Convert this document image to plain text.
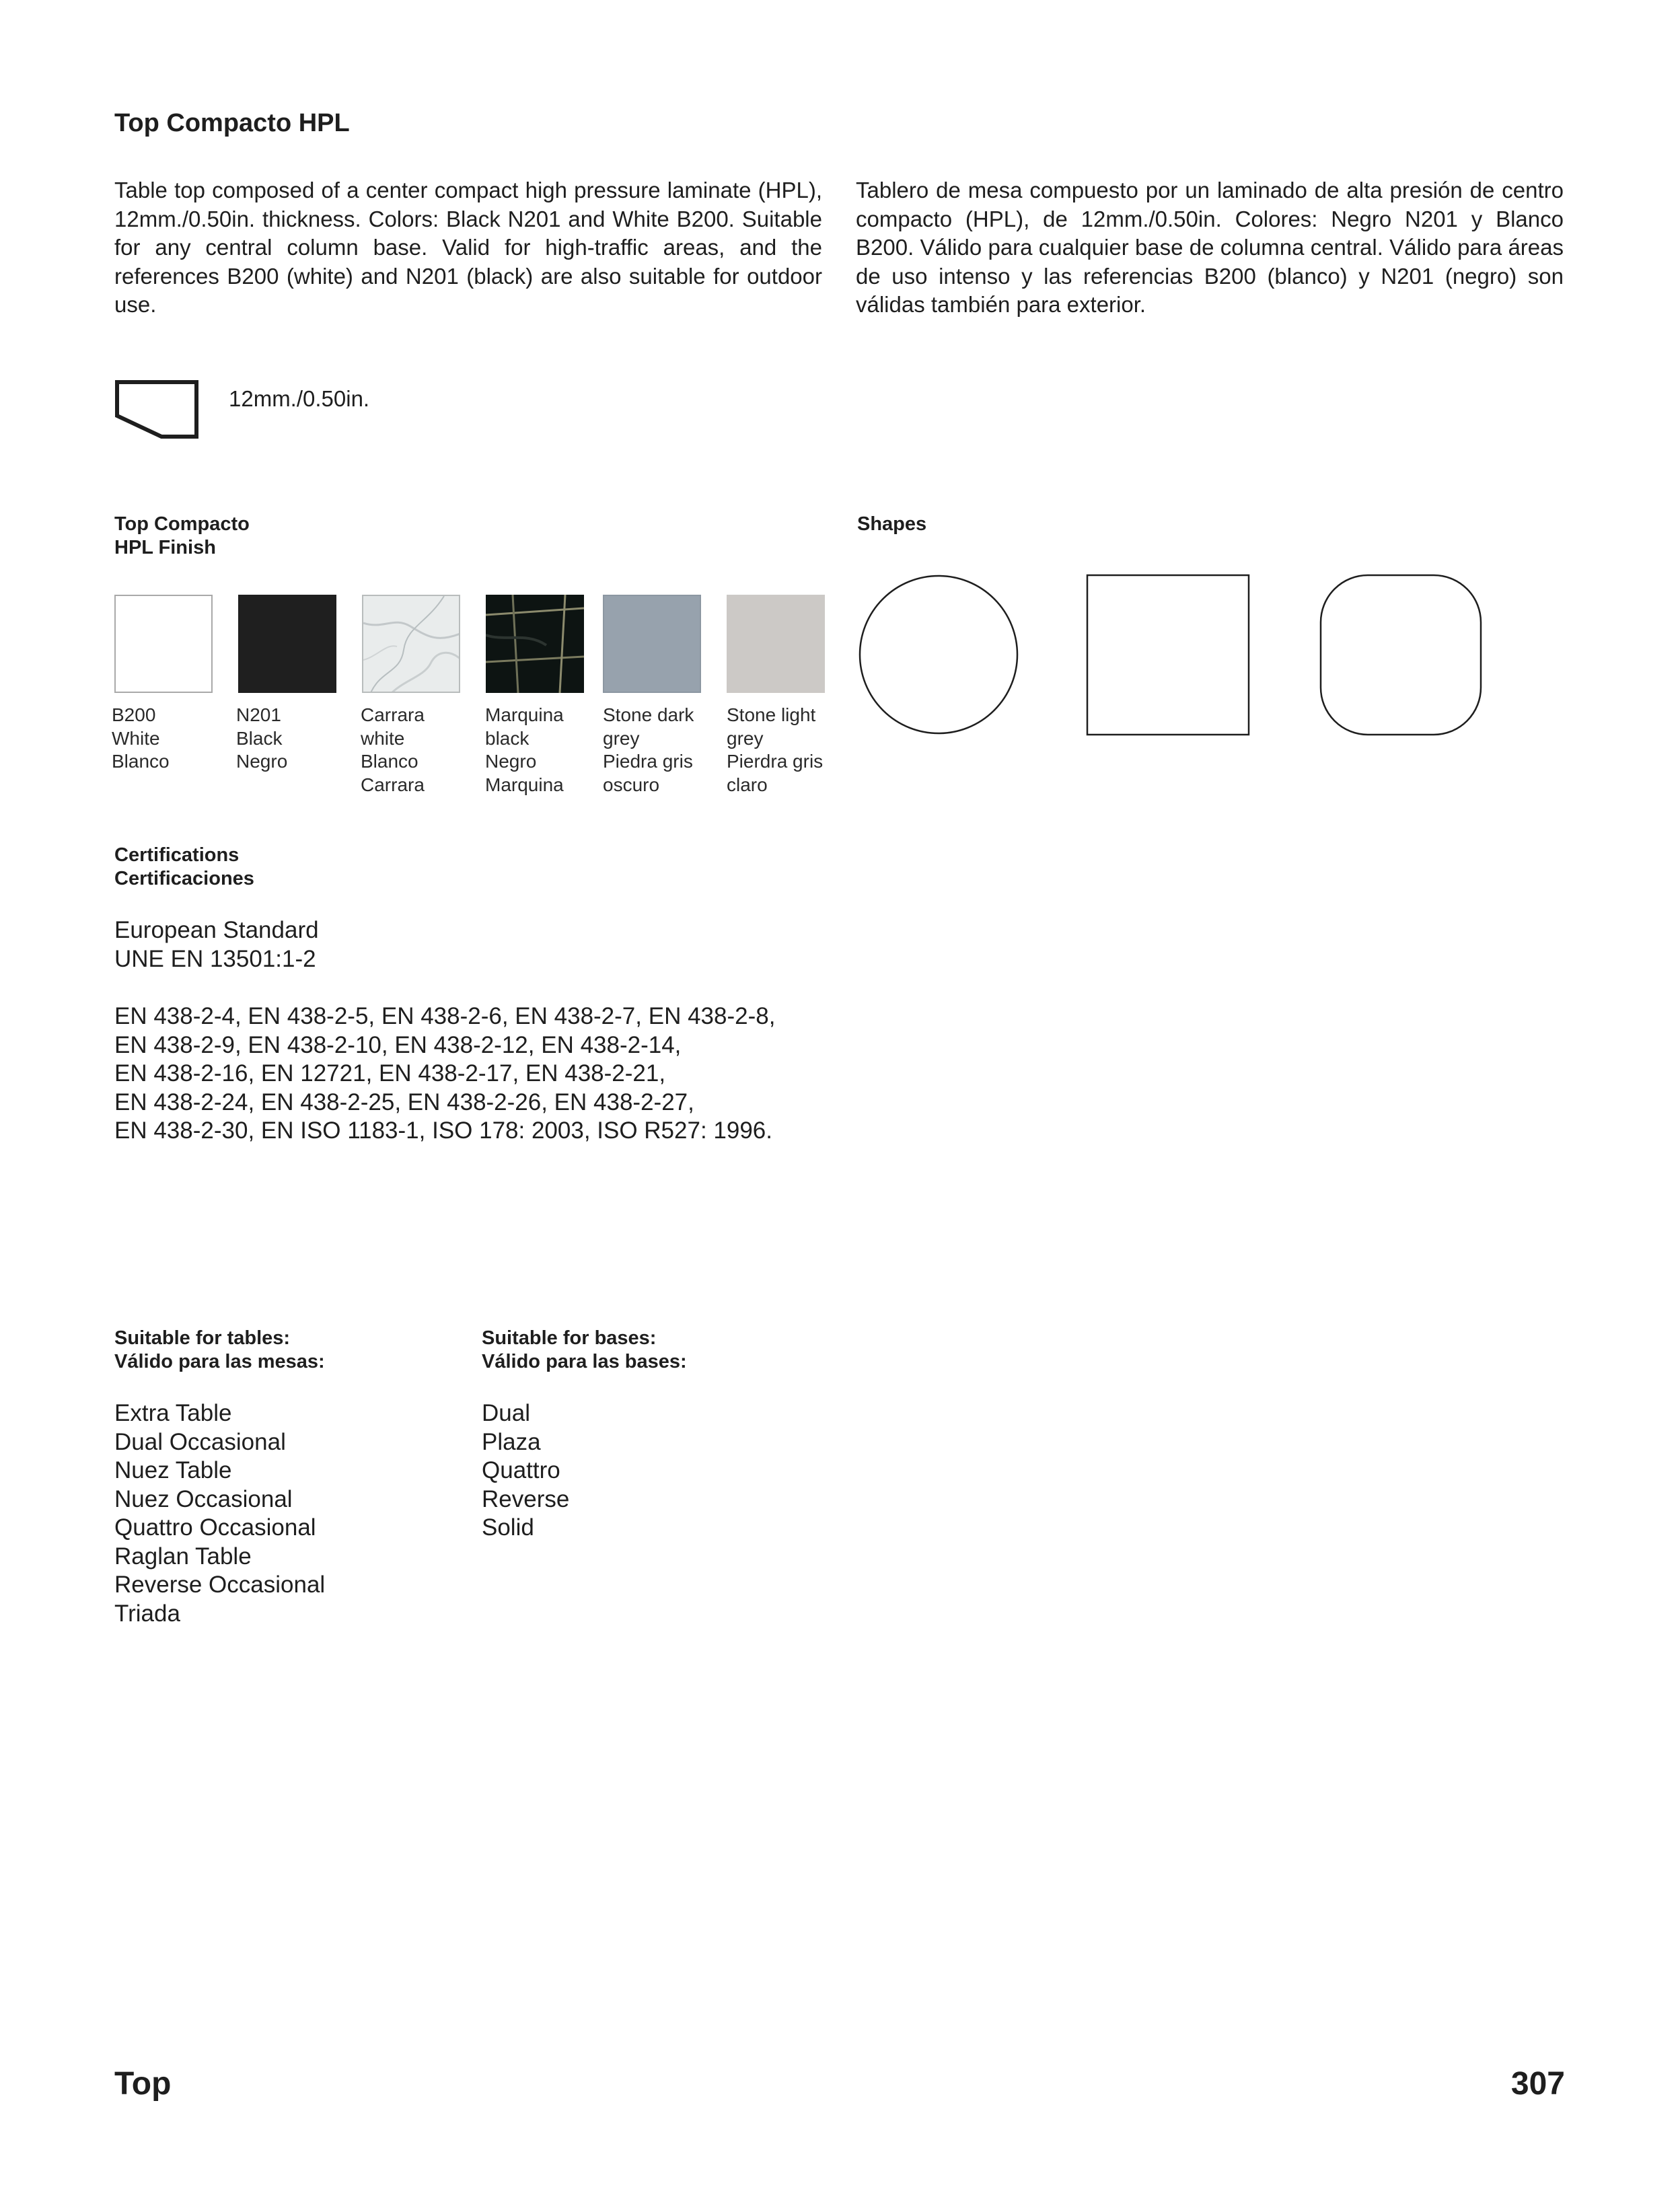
Top Compacto HPL
Table top composed of a center compact high pressure laminate (HPL), 12mm./0.50in. thickness. Colors: Black N201 and White B200. Suitable for any central column base. Valid for high-traffic areas, and the references B200 (white) and N201 (black) are also suitable for outdoor use.
Tablero de mesa compuesto por un laminado de alta presión de centro compacto (HPL), de 12mm./0.50in. Colores: Negro N201 y Blanco B200. Válido para cualquier base de columna central. Válido para áreas de uso intenso y las referencias B200 (blanco) y N201 (negro) son válidas también para exterior.
12mm./0.50in.
Top Compacto
HPL Finish
B200
White
Blanco
N201
Black
Negro
Carrara
white
Blanco
Carrara
Marquina
black
Negro
Marquina
Stone dark
grey
Piedra gris
oscuro
Stone light
grey
Pierdra gris
claro
Shapes
Certifications
Certificaciones
European Standard
UNE EN 13501:1-2
EN 438-2-4, EN 438-2-5, EN 438-2-6, EN 438-2-7, EN 438-2-8,
EN 438-2-9, EN 438-2-10, EN 438-2-12, EN 438-2-14,
EN 438-2-16, EN 12721, EN 438-2-17, EN 438-2-21,
EN 438-2-24, EN 438-2-25, EN 438-2-26, EN 438-2-27,
EN 438-2-30, EN ISO 1183-1, ISO 178: 2003, ISO R527: 1996.
Suitable for tables:
Válido para las mesas:
Suitable for bases:
Válido para las bases:
Extra Table
Dual Occasional
Nuez Table
Nuez Occasional
Quattro Occasional
Raglan Table
Reverse Occasional
Triada
Dual
Plaza
Quattro
Reverse
Solid
Top	307
